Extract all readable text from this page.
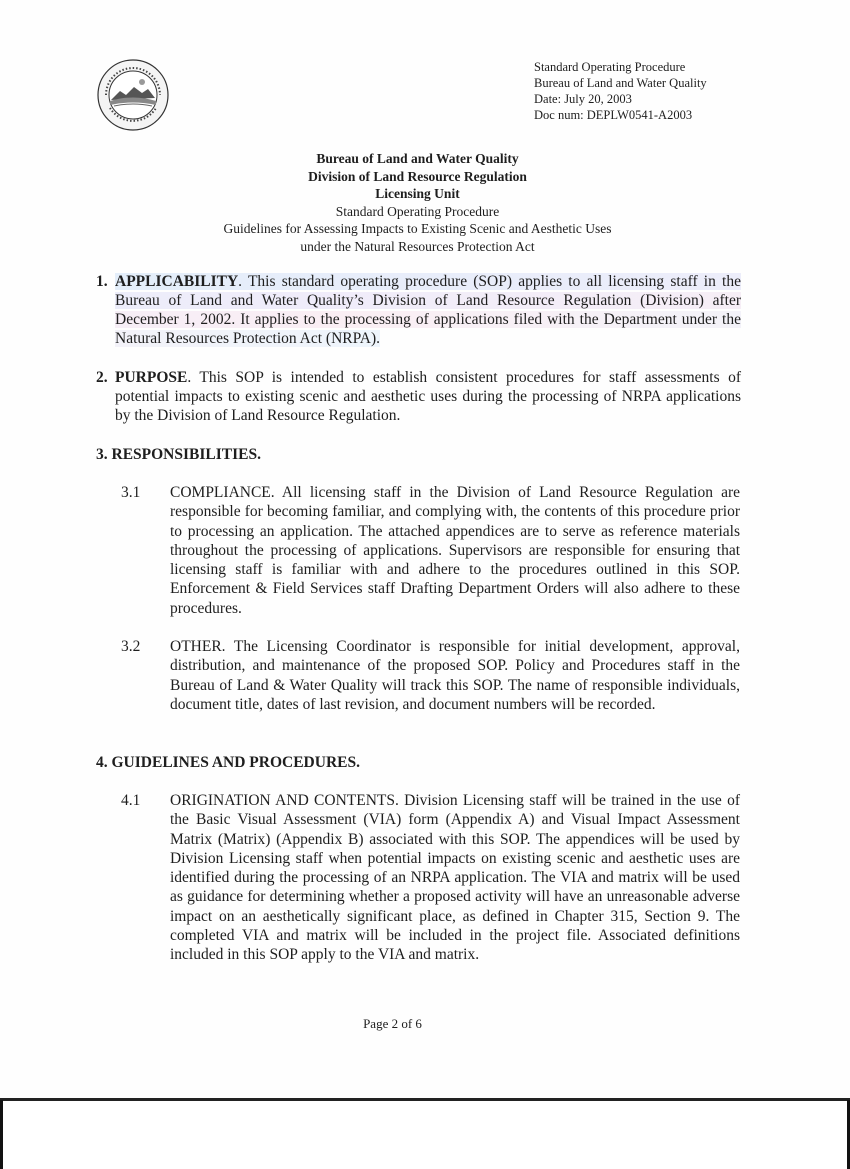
Standard Operating Procedure
Bureau of Land and Water Quality
Date: July 20, 2003
Doc num: DEPLW0541-A2003
Bureau of Land and Water Quality
Division of Land Resource Regulation
Licensing Unit
Standard Operating Procedure
Guidelines for Assessing Impacts to Existing Scenic and Aesthetic Uses
under the Natural Resources Protection Act
1. APPLICABILITY. This standard operating procedure (SOP) applies to all licensing staff in the Bureau of Land and Water Quality’s Division of Land Resource Regulation (Division) after December 1, 2002. It applies to the processing of applications filed with the Department under the Natural Resources Protection Act (NRPA).
2. PURPOSE. This SOP is intended to establish consistent procedures for staff assessments of potential impacts to existing scenic and aesthetic uses during the processing of NRPA applications by the Division of Land Resource Regulation.
3. RESPONSIBILITIES.
3.1 COMPLIANCE. All licensing staff in the Division of Land Resource Regulation are responsible for becoming familiar, and complying with, the contents of this procedure prior to processing an application. The attached appendices are to serve as reference materials throughout the processing of applications. Supervisors are responsible for ensuring that licensing staff is familiar with and adhere to the procedures outlined in this SOP. Enforcement & Field Services staff Drafting Department Orders will also adhere to these procedures.
3.2 OTHER. The Licensing Coordinator is responsible for initial development, approval, distribution, and maintenance of the proposed SOP. Policy and Procedures staff in the Bureau of Land & Water Quality will track this SOP. The name of responsible individuals, document title, dates of last revision, and document numbers will be recorded.
4. GUIDELINES AND PROCEDURES.
4.1 ORIGINATION AND CONTENTS. Division Licensing staff will be trained in the use of the Basic Visual Assessment (VIA) form (Appendix A) and Visual Impact Assessment Matrix (Matrix) (Appendix B) associated with this SOP. The appendices will be used by Division Licensing staff when potential impacts on existing scenic and aesthetic uses are identified during the processing of an NRPA application. The VIA and matrix will be used as guidance for determining whether a proposed activity will have an unreasonable adverse impact on an aesthetically significant place, as defined in Chapter 315, Section 9. The completed VIA and matrix will be included in the project file. Associated definitions included in this SOP apply to the VIA and matrix.
Page 2 of 6
